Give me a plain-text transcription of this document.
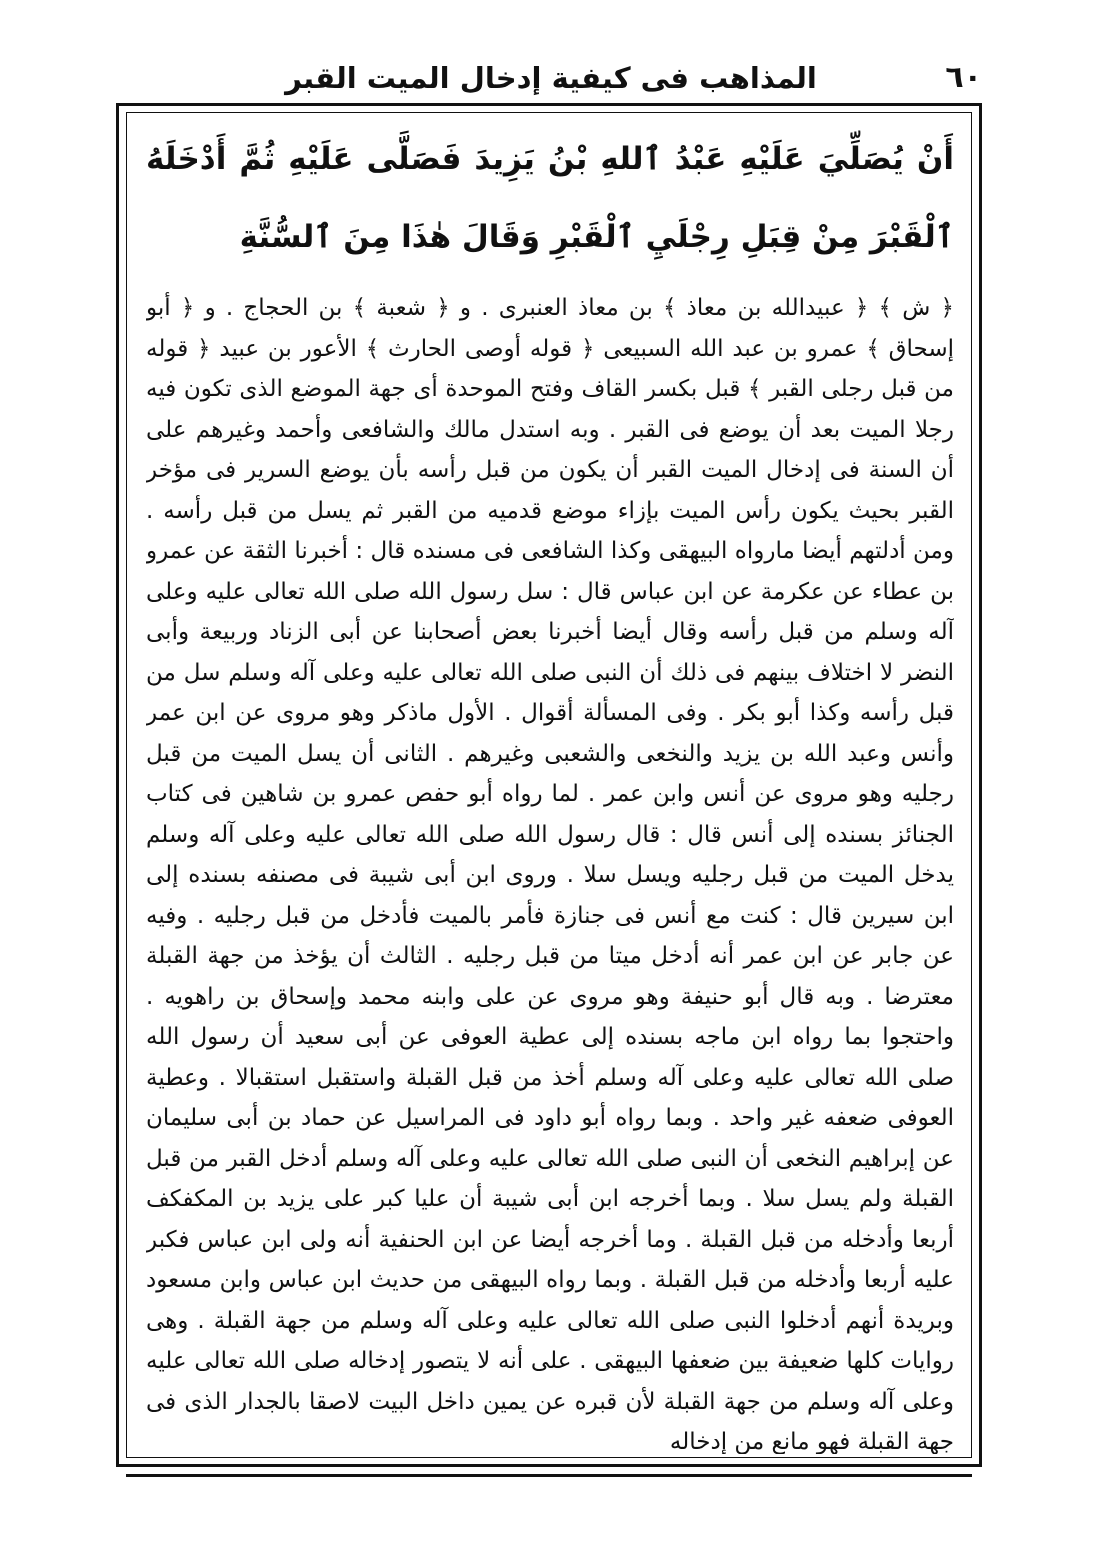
٦٠
المذاهب فى كيفية إدخال الميت القبر

أَنْ يُصَلِّيَ عَلَيْهِ عَبْدُ ٱللهِ بْنُ يَزِيدَ فَصَلَّى عَلَيْهِ ثُمَّ أَدْخَلَهُ ٱلْقَبْرَ مِنْ قِبَلِ رِجْلَيِ ٱلْقَبْرِ وَقَالَ هٰذَا مِنَ ٱلسُّنَّةِ

﴿ ش ﴾ ﴿ عبيدالله بن معاذ ﴾ بن معاذ العنبرى . و ﴿ شعبة ﴾ بن الحجاج . و ﴿ أبو إسحاق ﴾ عمرو بن عبد الله السبيعى ﴿ قوله أوصى الحارث ﴾ الأعور بن عبيد ﴿ قوله من قبل رجلى القبر ﴾ قبل بكسر القاف وفتح الموحدة أى جهة الموضع الذى تكون فيه رجلا الميت بعد أن يوضع فى القبر . وبه استدل مالك والشافعى وأحمد وغيرهم على أن السنة فى إدخال الميت القبر أن يكون من قبل رأسه بأن يوضع السرير فى مؤخر القبر بحيث يكون رأس الميت بإزاء موضع قدميه من القبر ثم يسل من قبل رأسه . ومن أدلتهم أيضا مارواه البيهقى وكذا الشافعى فى مسنده قال : أخبرنا الثقة عن عمرو بن عطاء عن عكرمة عن ابن عباس قال : سل رسول الله صلى الله تعالى عليه وعلى آله وسلم من قبل رأسه وقال أيضا أخبرنا بعض أصحابنا عن أبى الزناد وربيعة وأبى النضر لا اختلاف بينهم فى ذلك أن النبى صلى الله تعالى عليه وعلى آله وسلم سل من قبل رأسه وكذا أبو بكر . وفى المسألة أقوال . الأول ماذكر وهو مروى عن ابن عمر وأنس وعبد الله بن يزيد والنخعى والشعبى وغيرهم . الثانى أن يسل الميت من قبل رجليه وهو مروى عن أنس وابن عمر . لما رواه أبو حفص عمرو بن شاهين فى كتاب الجنائز بسنده إلى أنس قال : قال رسول الله صلى الله تعالى عليه وعلى آله وسلم يدخل الميت من قبل رجليه ويسل سلا . وروى ابن أبى شيبة فى مصنفه بسنده إلى ابن سيرين قال : كنت مع أنس فى جنازة فأمر بالميت فأدخل من قبل رجليه . وفيه عن جابر عن ابن عمر أنه أدخل ميتا من قبل رجليه . الثالث أن يؤخذ من جهة القبلة معترضا . وبه قال أبو حنيفة وهو مروى عن على وابنه محمد وإسحاق بن راهويه . واحتجوا بما رواه ابن ماجه بسنده إلى عطية العوفى عن أبى سعيد أن رسول الله صلى الله تعالى عليه وعلى آله وسلم أخذ من قبل القبلة واستقبل استقبالا . وعطية العوفى ضعفه غير واحد . وبما رواه أبو داود فى المراسيل عن حماد بن أبى سليمان عن إبراهيم النخعى أن النبى صلى الله تعالى عليه وعلى آله وسلم أدخل القبر من قبل القبلة ولم يسل سلا . وبما أخرجه ابن أبى شيبة أن عليا كبر على يزيد بن المكفكف أربعا وأدخله من قبل القبلة . وما أخرجه أيضا عن ابن الحنفية أنه ولى ابن عباس فكبر عليه أربعا وأدخله من قبل القبلة . وبما رواه البيهقى من حديث ابن عباس وابن مسعود وبريدة أنهم أدخلوا النبى صلى الله تعالى عليه وعلى آله وسلم من جهة القبلة . وهى روايات كلها ضعيفة بين ضعفها البيهقى . على أنه لا يتصور إدخاله صلى الله تعالى عليه وعلى آله وسلم من جهة القبلة لأن قبره عن يمين داخل البيت لاصقا بالجدار الذى فى جهة القبلة فهو مانع من إدخاله
